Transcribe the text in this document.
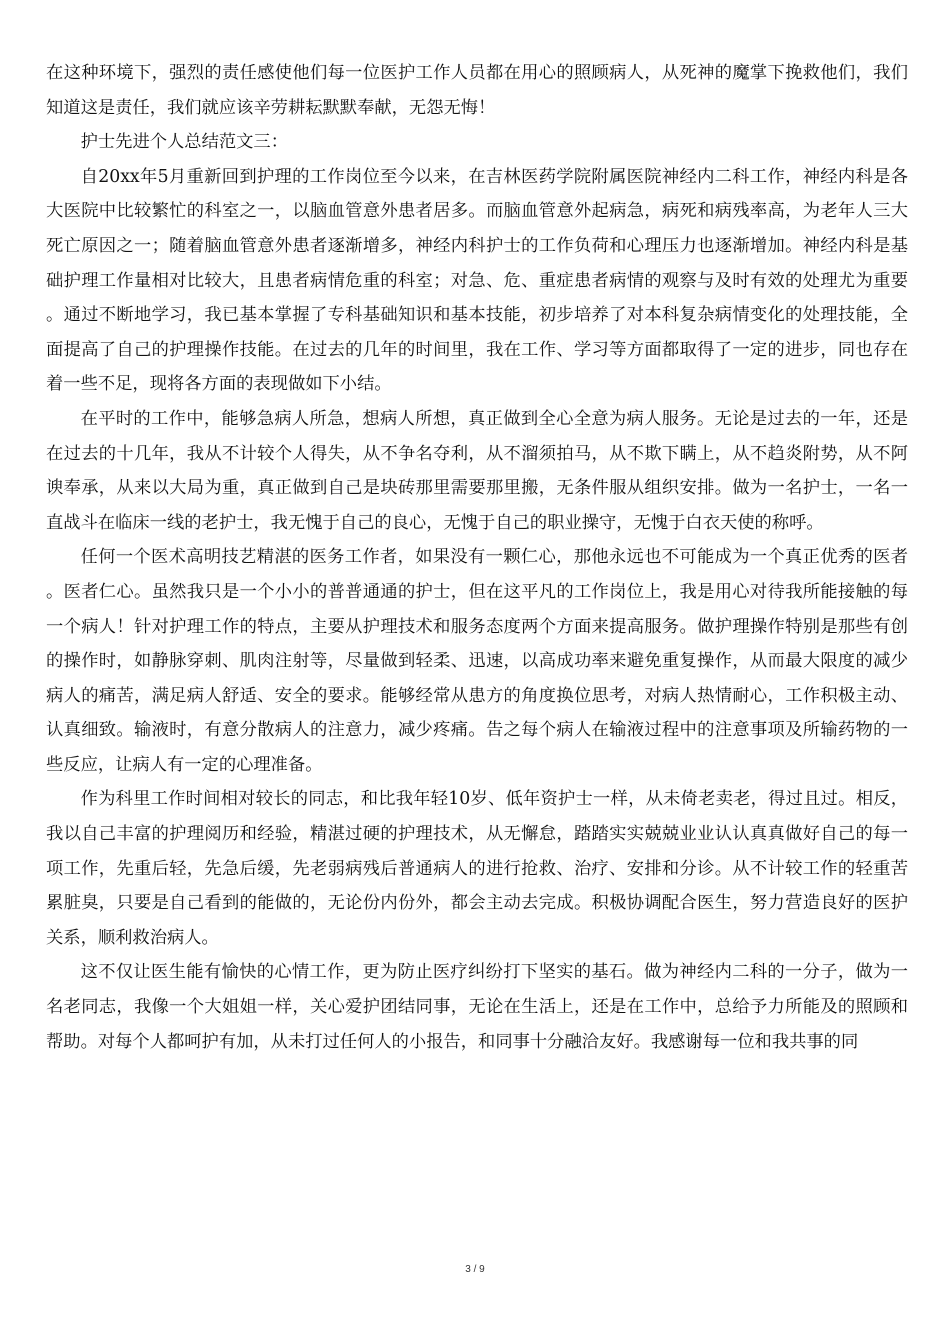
在这种环境下，强烈的责任感使他们每一位医护工作人员都在用心的照顾病人，从死神的魔掌下挽救他们，我们知道这是责任，我们就应该辛劳耕耘默默奉献，无怨无悔！

护士先进个人总结范文三：

自20xx年5月重新回到护理的工作岗位至今以来，在吉林医药学院附属医院神经内二科工作，神经内科是各大医院中比较繁忙的科室之一，以脑血管意外患者居多。而脑血管意外起病急，病死和病残率高，为老年人三大死亡原因之一；随着脑血管意外患者逐渐增多，神经内科护士的工作负荷和心理压力也逐渐增加。神经内科是基础护理工作量相对比较大，且患者病情危重的科室；对急、危、重症患者病情的观察与及时有效的处理尤为重要。通过不断地学习，我已基本掌握了专科基础知识和基本技能，初步培养了对本科复杂病情变化的处理技能，全面提高了自己的护理操作技能。在过去的几年的时间里，我在工作、学习等方面都取得了一定的进步，同也存在着一些不足，现将各方面的表现做如下小结。

在平时的工作中，能够急病人所急，想病人所想，真正做到全心全意为病人服务。无论是过去的一年，还是在过去的十几年，我从不计较个人得失，从不争名夺利，从不溜须拍马，从不欺下瞒上，从不趋炎附势，从不阿谀奉承，从来以大局为重，真正做到自己是块砖那里需要那里搬，无条件服从组织安排。做为一名护士，一名一直战斗在临床一线的老护士，我无愧于自己的良心，无愧于自己的职业操守，无愧于白衣天使的称呼。

任何一个医术高明技艺精湛的医务工作者，如果没有一颗仁心，那他永远也不可能成为一个真正优秀的医者。医者仁心。虽然我只是一个小小的普普通通的护士，但在这平凡的工作岗位上，我是用心对待我所能接触的每一个病人！针对护理工作的特点，主要从护理技术和服务态度两个方面来提高服务。做护理操作特别是那些有创的操作时，如静脉穿刺、肌肉注射等，尽量做到轻柔、迅速，以高成功率来避免重复操作，从而最大限度的减少病人的痛苦，满足病人舒适、安全的要求。能够经常从患方的角度换位思考，对病人热情耐心，工作积极主动、认真细致。输液时，有意分散病人的注意力，减少疼痛。告之每个病人在输液过程中的注意事项及所输药物的一些反应，让病人有一定的心理准备。

作为科里工作时间相对较长的同志，和比我年轻10岁、低年资护士一样，从未倚老卖老，得过且过。相反，我以自己丰富的护理阅历和经验，精湛过硬的护理技术，从无懈怠，踏踏实实兢兢业业认认真真做好自己的每一项工作，先重后轻，先急后缓，先老弱病残后普通病人的进行抢救、治疗、安排和分诊。从不计较工作的轻重苦累脏臭，只要是自己看到的能做的，无论份内份外，都会主动去完成。积极协调配合医生，努力营造良好的医护关系，顺利救治病人。

这不仅让医生能有愉快的心情工作，更为防止医疗纠纷打下坚实的基石。做为神经内二科的一分子，做为一名老同志，我像一个大姐姐一样，关心爱护团结同事，无论在生活上，还是在工作中，总给予力所能及的照顾和帮助。对每个人都呵护有加，从未打过任何人的小报告，和同事十分融洽友好。我感谢每一位和我共事的同

3 / 9
